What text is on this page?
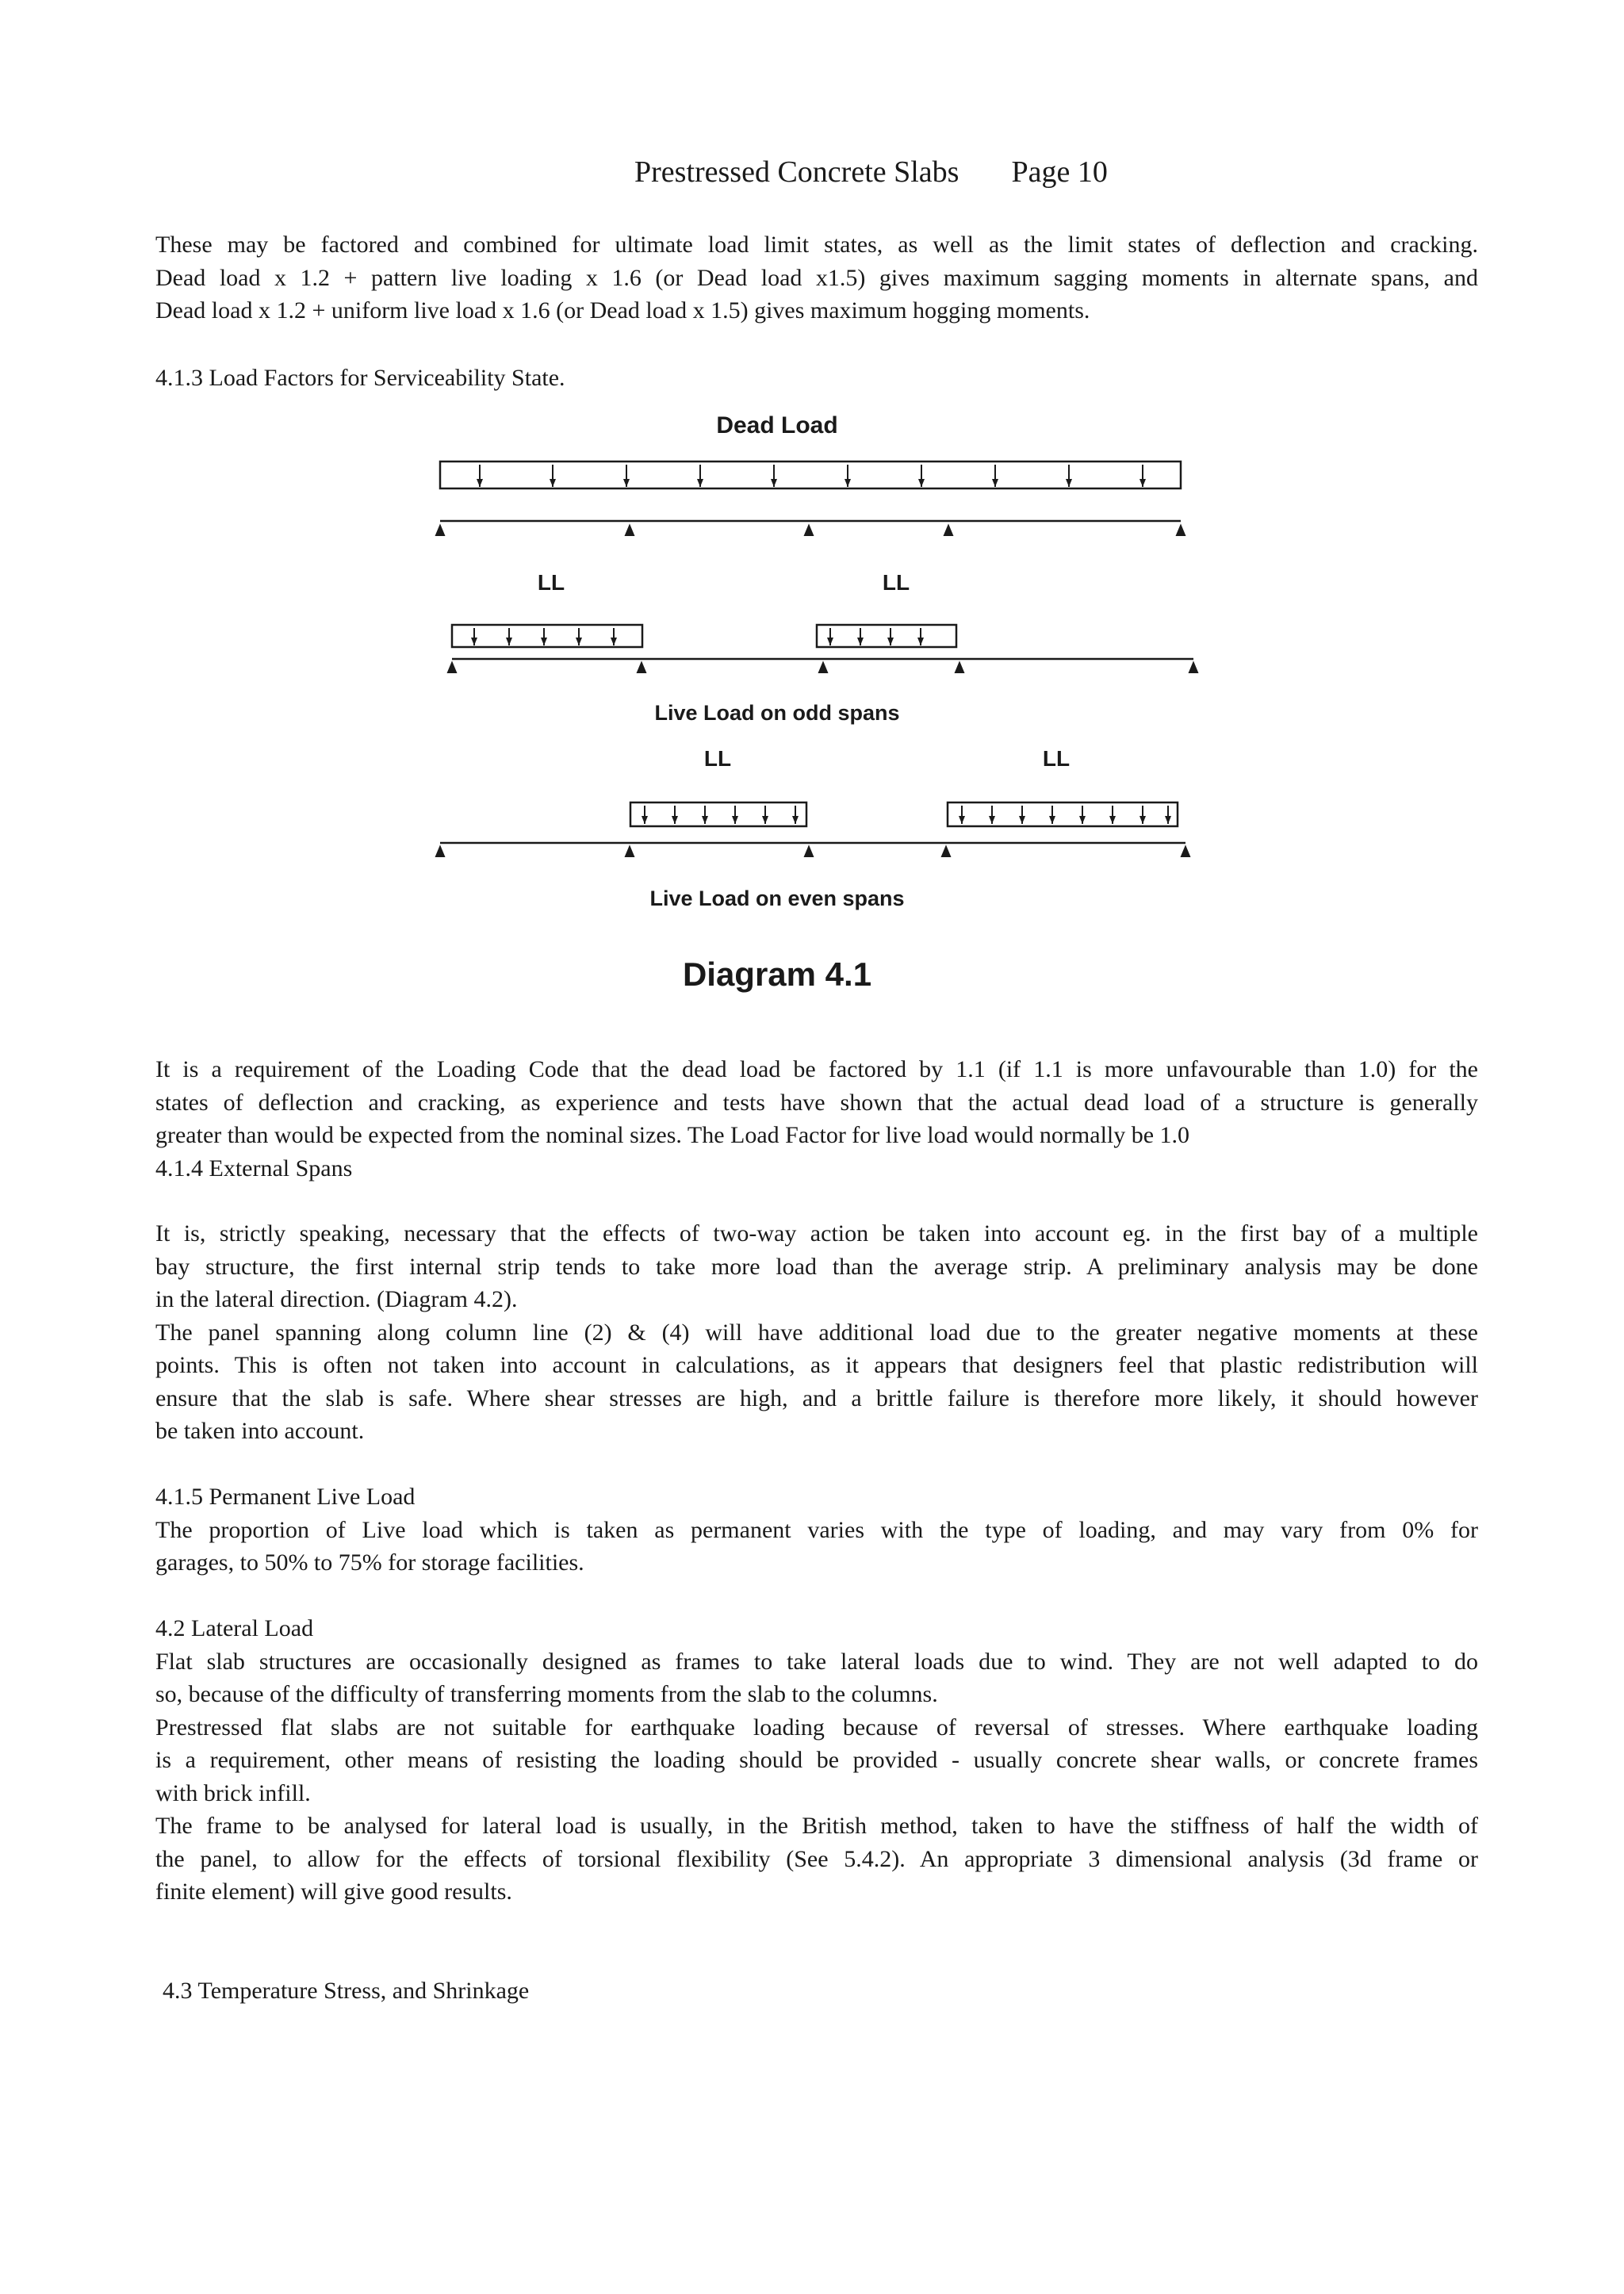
Prestressed Concrete Slabs Page 10
These may be factored and combined for ultimate load limit states, as well as the limit states of deflection and cracking.
Dead load x 1.2 + pattern live loading x 1.6 (or Dead load x1.5) gives maximum sagging moments in alternate spans, and
Dead load x 1.2 + uniform live load x 1.6 (or Dead load x 1.5) gives maximum hogging moments.
4.1.3 Load Factors for Serviceability State.
Dead Load
LL	LL
Live Load on odd spans
LL	LL
Live Load on even spans
Diagram 4.1
It is a requirement of the Loading Code that the dead load be factored by 1.1 (if 1.1 is more unfavourable than 1.0) for the
states of deflection and cracking, as experience and tests have shown that the actual dead load of a structure is generally
greater than would be expected from the nominal sizes. The Load Factor for live load would normally be 1.0
4.1.4 External Spans
It is, strictly speaking, necessary that the effects of two-way action be taken into account eg. in the first bay of a multiple
bay structure, the first internal strip tends to take more load than the average strip. A preliminary analysis may be done
in the lateral direction. (Diagram 4.2).
The panel spanning along column line (2) & (4) will have additional load due to the greater negative moments at these
points. This is often not taken into account in calculations, as it appears that designers feel that plastic redistribution will
ensure that the slab is safe. Where shear stresses are high, and a brittle failure is therefore more likely, it should however
be taken into account.
4.1.5 Permanent Live Load
The proportion of Live load which is taken as permanent varies with the type of loading, and may vary from 0% for
garages, to 50% to 75% for storage facilities.
4.2 Lateral Load
Flat slab structures are occasionally designed as frames to take lateral loads due to wind. They are not well adapted to do
so, because of the difficulty of transferring moments from the slab to the columns.
Prestressed flat slabs are not suitable for earthquake loading because of reversal of stresses. Where earthquake loading
is a requirement, other means of resisting the loading should be provided - usually concrete shear walls, or concrete frames
with brick infill.
The frame to be analysed for lateral load is usually, in the British method, taken to have the stiffness of half the width of
the panel, to allow for the effects of torsional flexibility (See 5.4.2). An appropriate 3 dimensional analysis (3d frame or
finite element) will give good results.
4.3 Temperature Stress, and Shrinkage
